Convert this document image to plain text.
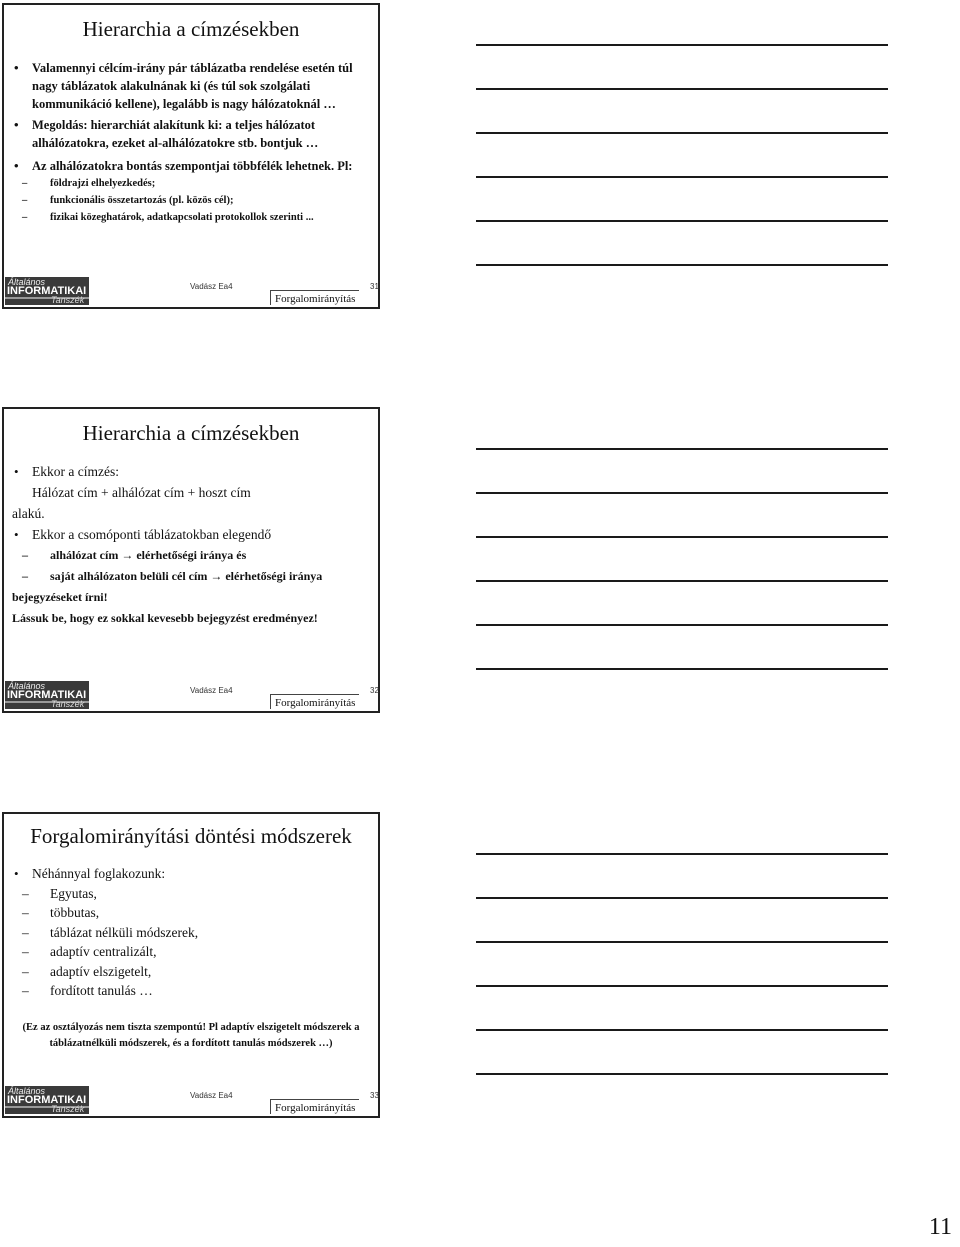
Hierarchia a címzésekben
• Valamennyi célcím-irány pár táblázatba rendelése esetén túl
nagy táblázatok alakulnának ki (és túl sok szolgálati
kommunikáció kellene), legalább is nagy hálózatoknál …
• Megoldás: hierarchiát alakítunk ki: a teljes hálózatot
alhálózatokra, ezeket al-alhálózatokre stb. bontjuk …
• Az alhálózatokra bontás szempontjai többfélék lehetnek. Pl:
– földrajzi elhelyezkedés;
– funkcionális összetartozás (pl. közös cél);
– fizikai közeghatárok, adatkapcsolati protokollok szerinti ...
Általános
INFORMATIKAI
Tanszék
Vadász Ea4
Forgalomirányítás
31
Hierarchia a címzésekben
• Ekkor a címzés:
Hálózat cím + alhálózat cím + hoszt cím
alakú.
• Ekkor a csomóponti táblázatokban elegendő
– alhálózat cím → elérhetőségi iránya és
– saját alhálózaton belüli cél cím → elérhetőségi iránya
bejegyzéseket írni!
Lássuk be, hogy ez sokkal kevesebb bejegyzést eredményez!
Általános
INFORMATIKAI
Tanszék
Vadász Ea4
Forgalomirányítás
32
Forgalomirányítási döntési módszerek
• Néhánnyal foglakozunk:
– Egyutas,
– többutas,
– táblázat nélküli módszerek,
– adaptív centralizált,
– adaptív elszigetelt,
– fordított tanulás …
(Ez az osztályozás nem tiszta szempontú! Pl adaptív elszigetelt módszerek a
táblázatnélküli módszerek, és a fordított tanulás módszerek …)
Általános
INFORMATIKAI
Tanszék
Vadász Ea4
Forgalomirányítás
33
11
